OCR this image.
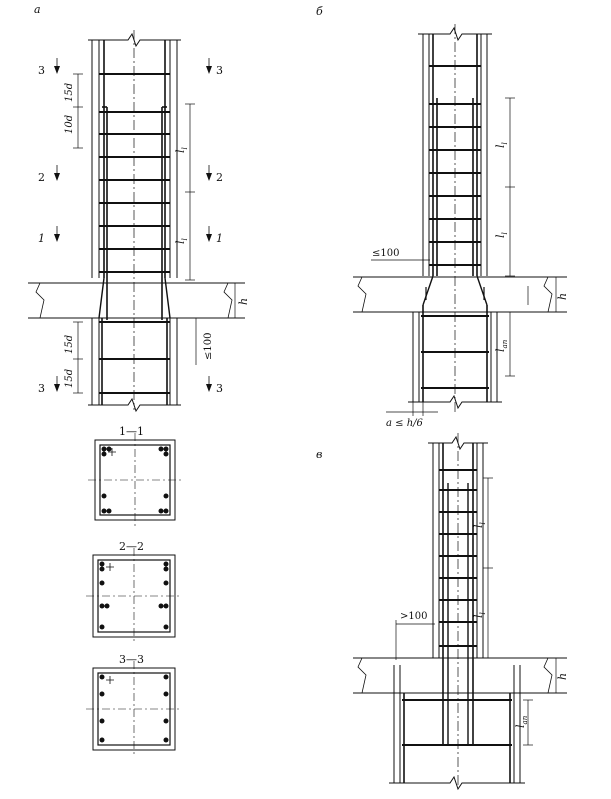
а
$l_l$
$l_l$
15d
10d
15d
15d
h
≤100
3	3
2	2
1	1
3	3
1—1
2—2
3—3
б
$l_l$
$l_l$
$l_{an}$
h
≤100
a ≤ h/6
в
$l_l$
$l_l$
$l_{an}$
h
>100
